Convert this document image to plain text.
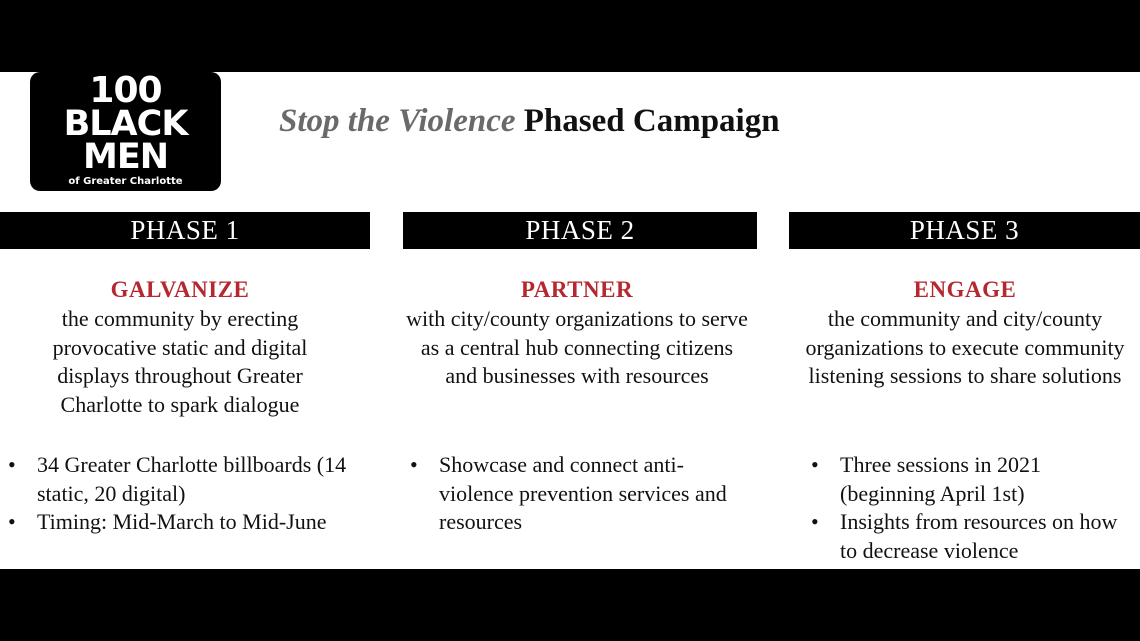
100
BLACK
MEN
of Greater Charlotte
Stop the Violence Phased Campaign
PHASE 1	PHASE 2	PHASE 3
GALVANIZE
the community by erecting provocative static and digital displays throughout Greater Charlotte to spark dialogue
PARTNER
with city/county organizations to serve as a central hub connecting citizens and businesses with resources
ENGAGE
the community and city/county organizations to execute community listening sessions to share solutions
• 34 Greater Charlotte billboards (14 static, 20 digital)
• Timing: Mid-March to Mid-June
• Showcase and connect anti-violence prevention services and resources
• Three sessions in 2021 (beginning April 1st)
• Insights from resources on how to decrease violence
